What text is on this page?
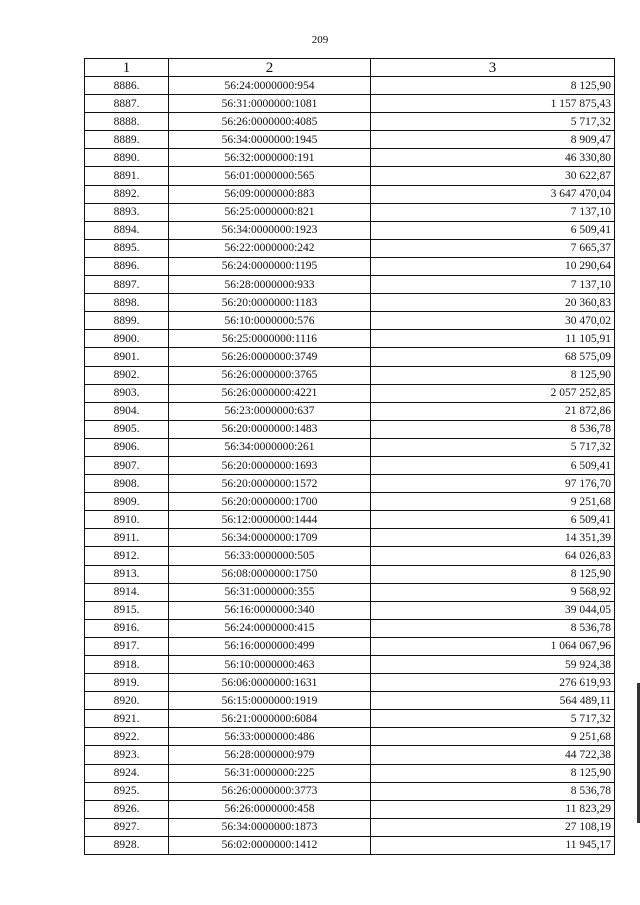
209
1	2	3
8886.	56:24:0000000:954	8 125,90
8887.	56:31:0000000:1081	1 157 875,43
8888.	56:26:0000000:4085	5 717,32
8889.	56:34:0000000:1945	8 909,47
8890.	56:32:0000000:191	46 330,80
8891.	56:01:0000000:565	30 622,87
8892.	56:09:0000000:883	3 647 470,04
8893.	56:25:0000000:821	7 137,10
8894.	56:34:0000000:1923	6 509,41
8895.	56:22:0000000:242	7 665,37
8896.	56:24:0000000:1195	10 290,64
8897.	56:28:0000000:933	7 137,10
8898.	56:20:0000000:1183	20 360,83
8899.	56:10:0000000:576	30 470,02
8900.	56:25:0000000:1116	11 105,91
8901.	56:26:0000000:3749	68 575,09
8902.	56:26:0000000:3765	8 125,90
8903.	56:26:0000000:4221	2 057 252,85
8904.	56:23:0000000:637	21 872,86
8905.	56:20:0000000:1483	8 536,78
8906.	56:34:0000000:261	5 717,32
8907.	56:20:0000000:1693	6 509,41
8908.	56:20:0000000:1572	97 176,70
8909.	56:20:0000000:1700	9 251,68
8910.	56:12:0000000:1444	6 509,41
8911.	56:34:0000000:1709	14 351,39
8912.	56:33:0000000:505	64 026,83
8913.	56:08:0000000:1750	8 125,90
8914.	56:31:0000000:355	9 568,92
8915.	56:16:0000000:340	39 044,05
8916.	56:24:0000000:415	8 536,78
8917.	56:16:0000000:499	1 064 067,96
8918.	56:10:0000000:463	59 924,38
8919.	56:06:0000000:1631	276 619,93
8920.	56:15:0000000:1919	564 489,11
8921.	56:21:0000000:6084	5 717,32
8922.	56:33:0000000:486	9 251,68
8923.	56:28:0000000:979	44 722,38
8924.	56:31:0000000:225	8 125,90
8925.	56:26:0000000:3773	8 536,78
8926.	56:26:0000000:458	11 823,29
8927.	56:34:0000000:1873	27 108,19
8928.	56:02:0000000:1412	11 945,17
